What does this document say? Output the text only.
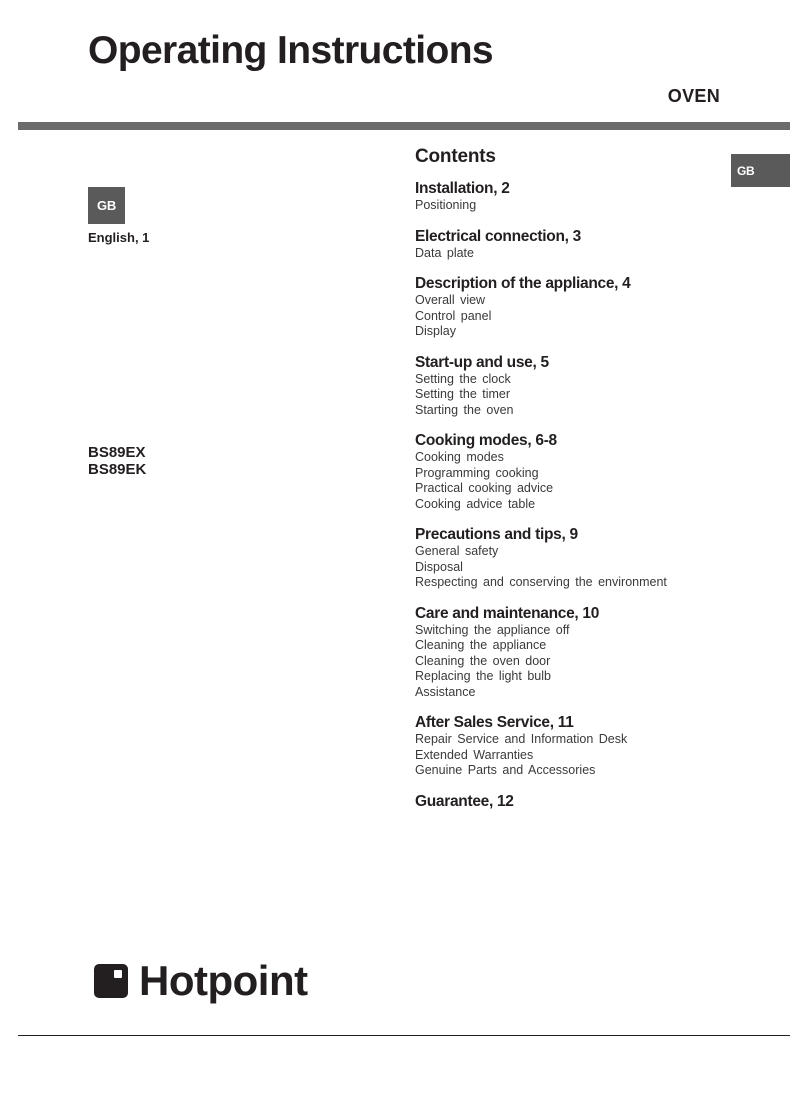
Operating Instructions
OVEN
GB
GB
English, 1
BS89EX
BS89EK
Contents
Installation, 2
Positioning
Electrical connection, 3
Data plate
Description of the appliance, 4
Overall view
Control panel
Display
Start-up and use, 5
Setting the clock
Setting the timer
Starting the oven
Cooking modes, 6-8
Cooking modes
Programming cooking
Practical cooking advice
Cooking advice table
Precautions and tips, 9
General safety
Disposal
Respecting and conserving the environment
Care and maintenance, 10
Switching the appliance off
Cleaning the appliance
Cleaning the oven door
Replacing the light bulb
Assistance
After Sales Service, 11
Repair Service and Information Desk
Extended Warranties
Genuine Parts and Accessories
Guarantee, 12
Hotpoint
